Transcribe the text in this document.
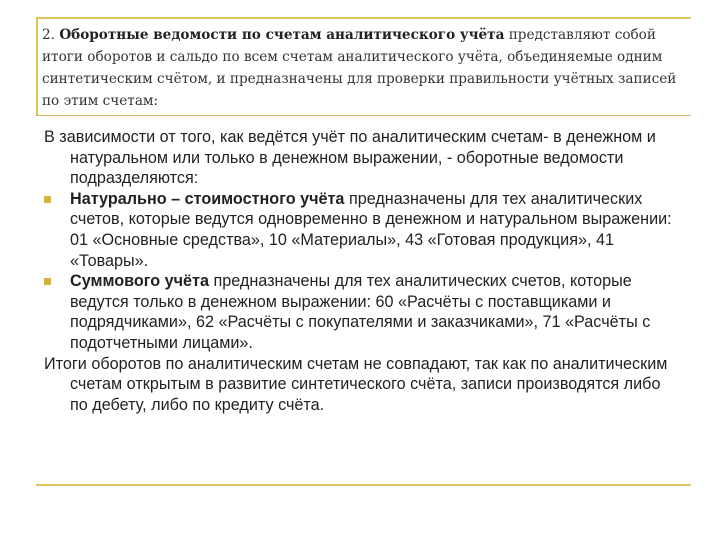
2. Оборотные ведомости по счетам аналитического учёта представляют собой итоги оборотов и сальдо по всем счетам аналитического учёта, объединяемые одним синтетическим счётом, и предназначены для проверки правильности учётных записей по этим счетам:
В зависимости от того, как ведётся учёт по аналитическим счетам- в денежном и натуральном или только в денежном выражении, - оборотные ведомости подразделяются:
Натурально – стоимостного учёта предназначены для тех аналитических счетов, которые ведутся одновременно в денежном и натуральном выражении: 01 «Основные средства», 10 «Материалы», 43 «Готовая продукция», 41 «Товары».
Суммового учёта предназначены для тех аналитических счетов, которые ведутся только в денежном выражении: 60 «Расчёты с поставщиками и подрядчиками», 62 «Расчёты с покупателями и заказчиками», 71 «Расчёты с подотчетными лицами».
Итоги оборотов по аналитическим счетам не совпадают, так как по аналитическим счетам открытым в развитие синтетического счёта, записи производятся либо по дебету, либо по кредиту счёта.
